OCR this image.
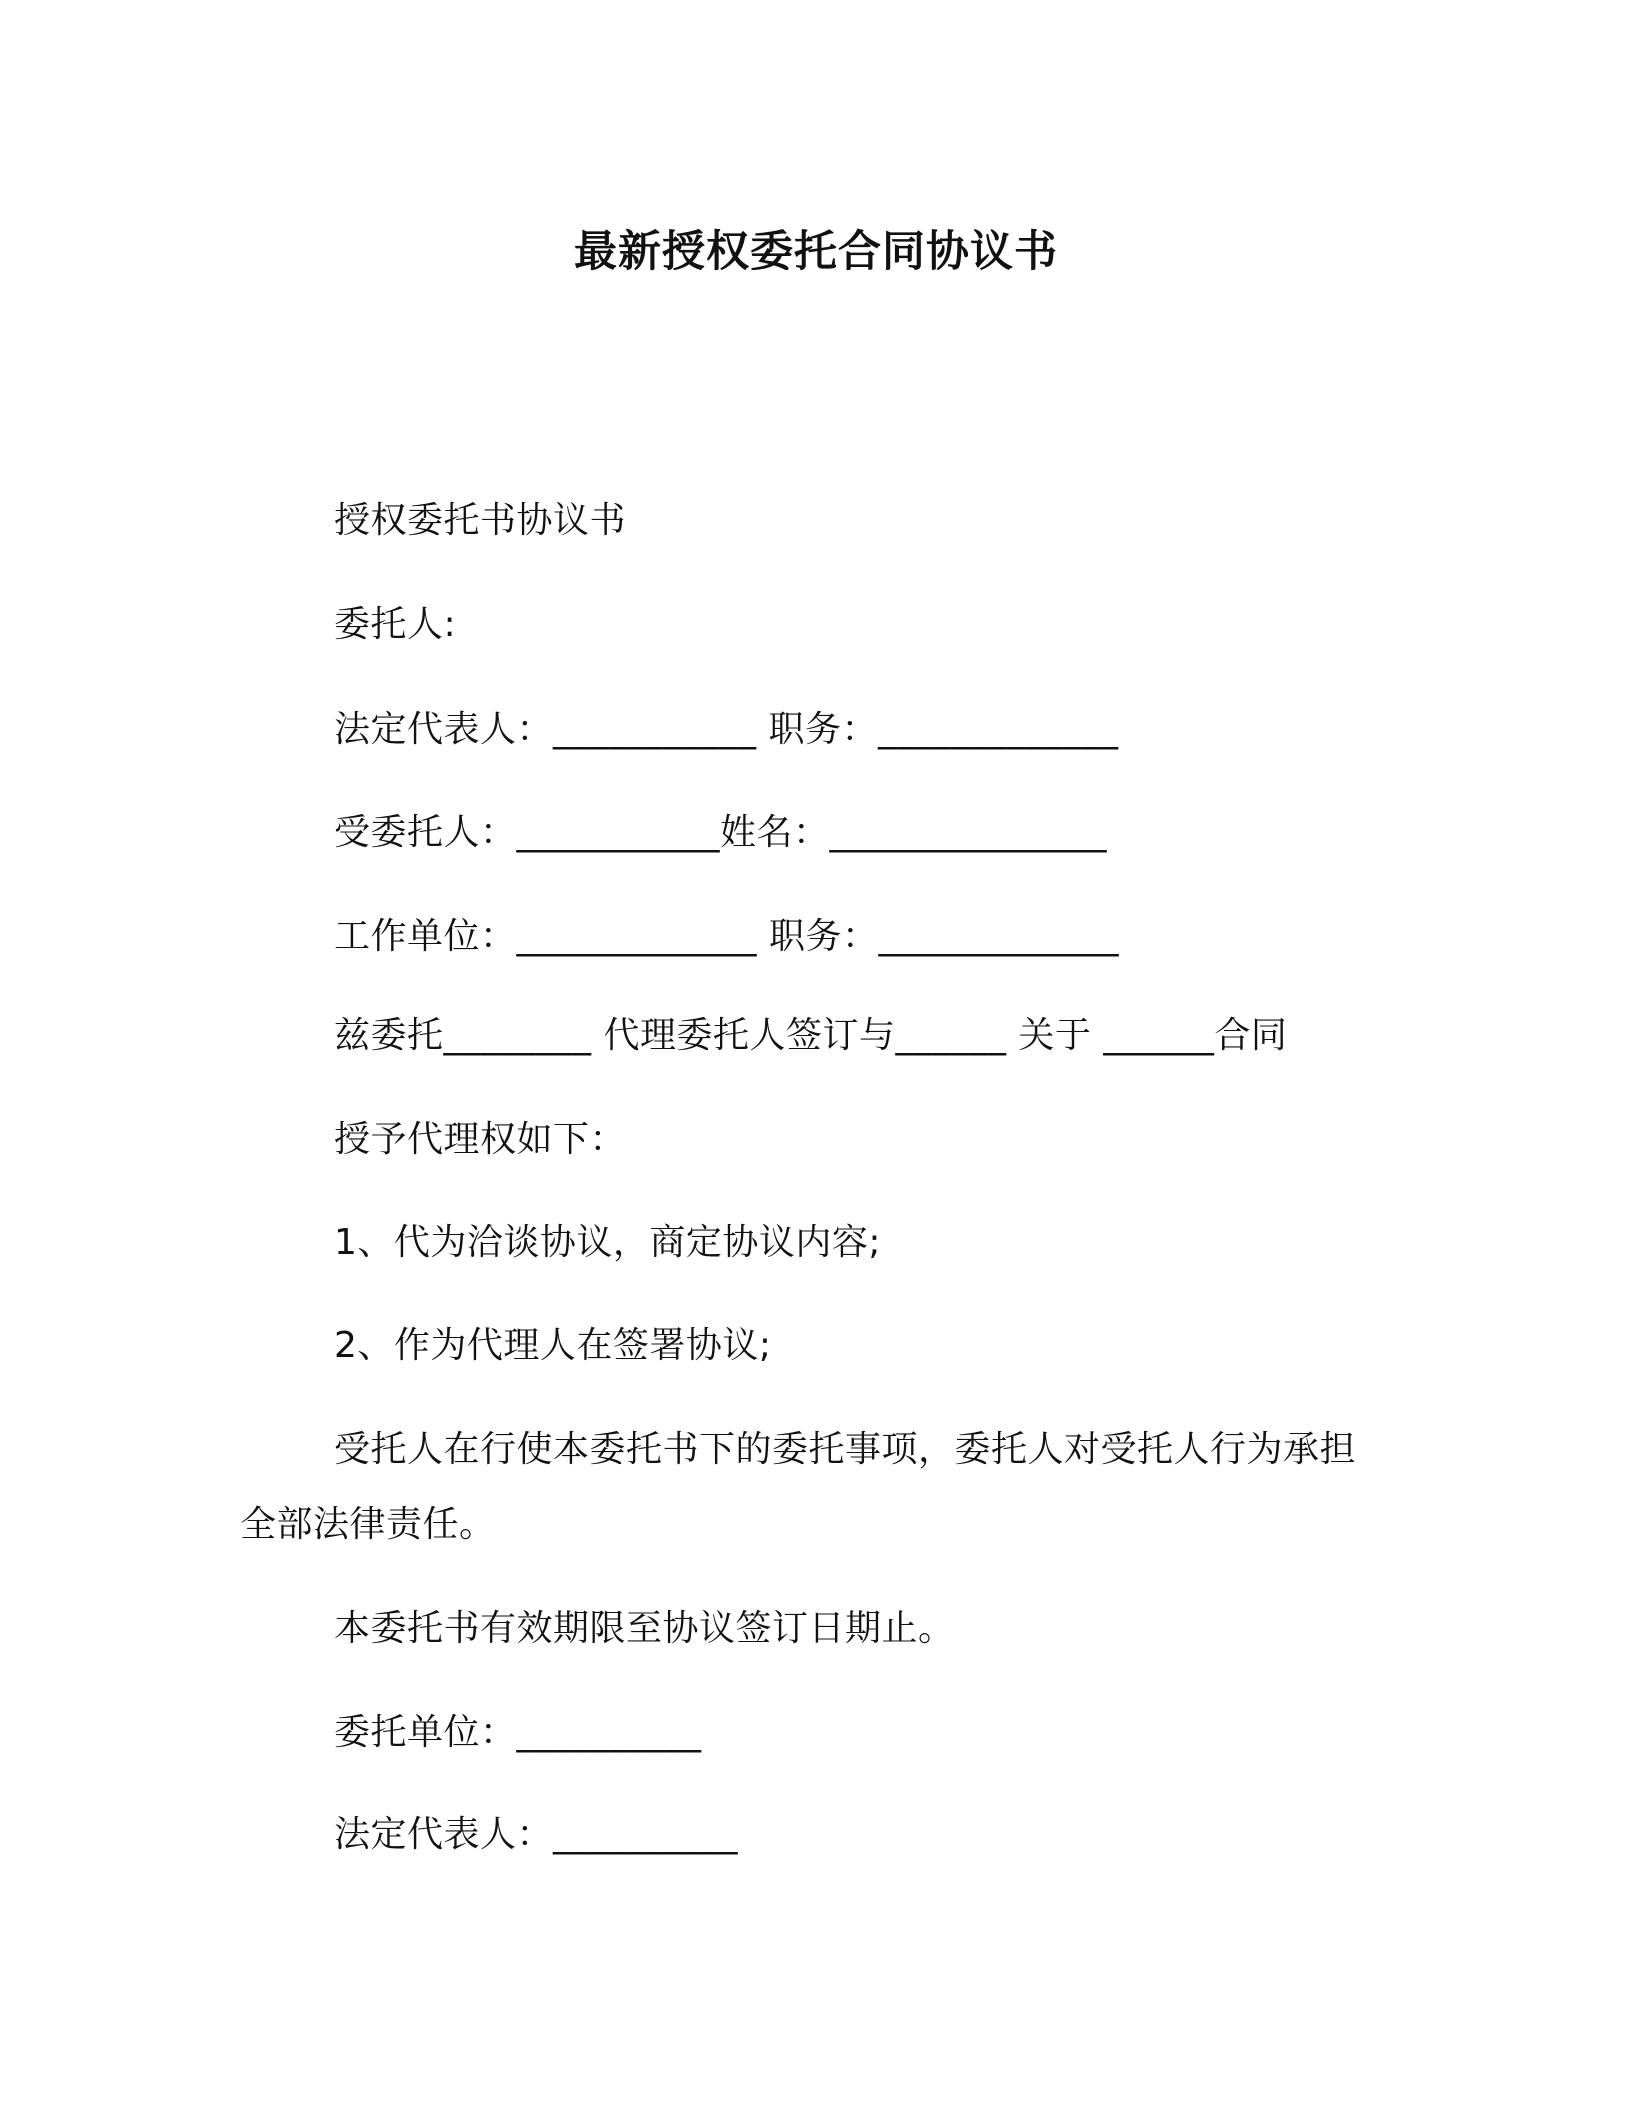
最新授权委托合同协议书
授权委托书协议书
委托人:
法定代表人：___________ 职务：_____________
受委托人：___________姓名：_______________
工作单位：_____________ 职务：_____________
兹委托________ 代理委托人签订与______ 关于 ______合同
授予代理权如下：
1、代为洽谈协议，商定协议内容;
2、作为代理人在签署协议;
受托人在行使本委托书下的委托事项，委托人对受托人行为承担
全部法律责任。
本委托书有效期限至协议签订日期止。
委托单位：__________
法定代表人：__________
